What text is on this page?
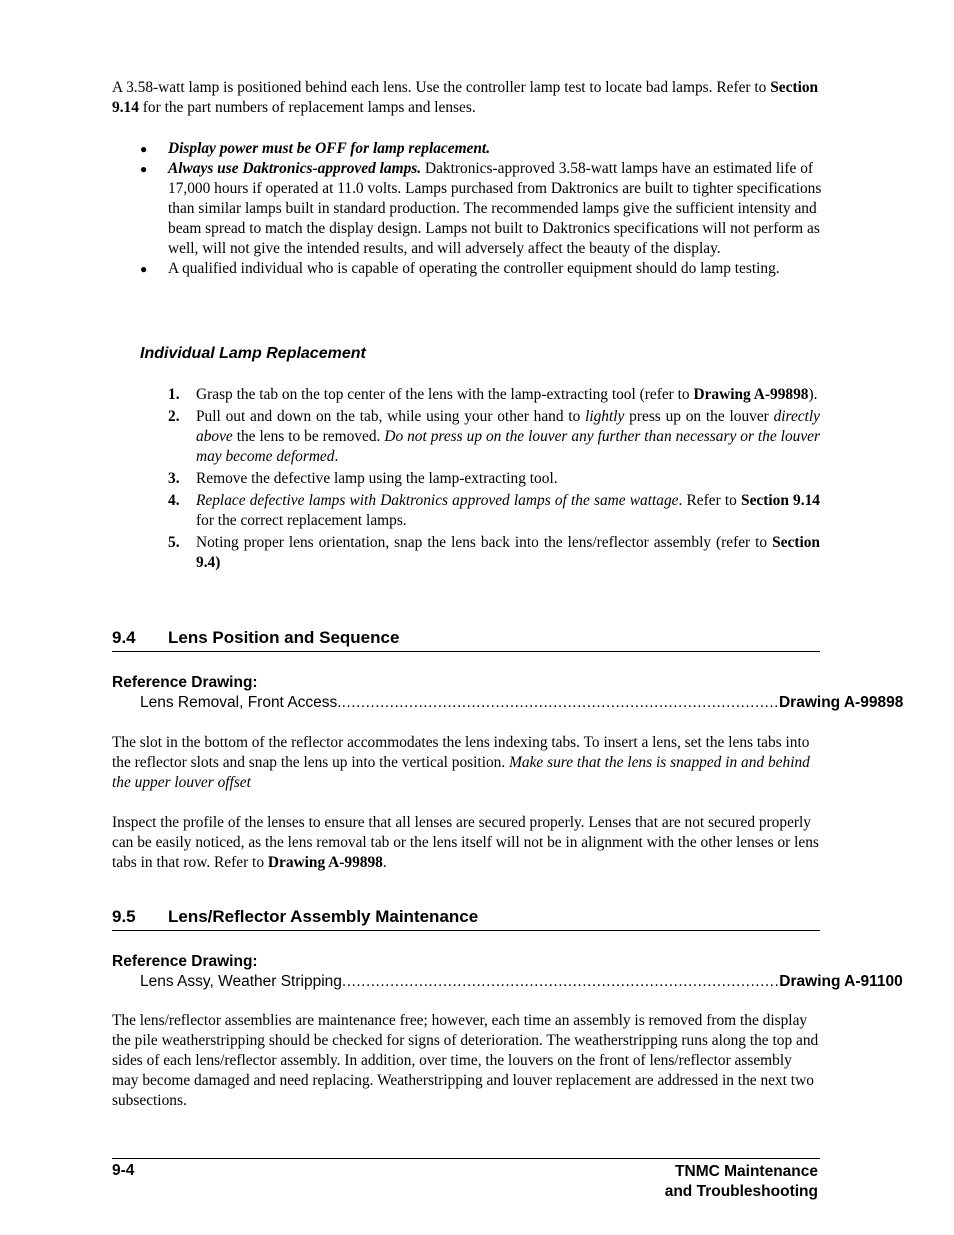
A 3.58-watt lamp is positioned behind each lens. Use the controller lamp test to locate bad lamps. Refer to Section 9.14 for the part numbers of replacement lamps and lenses.

● Display power must be OFF for lamp replacement.
● Always use Daktronics-approved lamps. Daktronics-approved 3.58-watt lamps have an estimated life of 17,000 hours if operated at 11.0 volts. Lamps purchased from Daktronics are built to tighter specifications than similar lamps built in standard production. The recommended lamps give the sufficient intensity and beam spread to match the display design. Lamps not built to Daktronics specifications will not perform as well, will not give the intended results, and will adversely affect the beauty of the display.
● A qualified individual who is capable of operating the controller equipment should do lamp testing.
Individual Lamp Replacement
1. Grasp the tab on the top center of the lens with the lamp-extracting tool (refer to Drawing A-99898).
2. Pull out and down on the tab, while using your other hand to lightly press up on the louver directly above the lens to be removed. Do not press up on the louver any further than necessary or the louver may become deformed.
3. Remove the defective lamp using the lamp-extracting tool.
4. Replace defective lamps with Daktronics approved lamps of the same wattage. Refer to Section 9.14 for the correct replacement lamps.
5. Noting proper lens orientation, snap the lens back into the lens/reflector assembly (refer to Section 9.4)
9.4 Lens Position and Sequence
Reference Drawing:
Lens Removal, Front Access. ........................................................................................... Drawing A-99898

The slot in the bottom of the reflector accommodates the lens indexing tabs. To insert a lens, set the lens tabs into the reflector slots and snap the lens up into the vertical position. Make sure that the lens is snapped in and behind the upper louver offset

Inspect the profile of the lenses to ensure that all lenses are secured properly. Lenses that are not secured properly can be easily noticed, as the lens removal tab or the lens itself will not be in alignment with the other lenses or lens tabs in that row. Refer to Drawing A-99898.

9.5 Lens/Reflector Assembly Maintenance
Reference Drawing:
Lens Assy, Weather Stripping ........................................................................................... Drawing A-91100

The lens/reflector assemblies are maintenance free; however, each time an assembly is removed from the display the pile weatherstripping should be checked for signs of deterioration. The weatherstripping runs along the top and sides of each lens/reflector assembly. In addition, over time, the louvers on the front of lens/reflector assembly may become damaged and need replacing. Weatherstripping and louver replacement are addressed in the next two subsections.

9-4	TNMC Maintenance
and Troubleshooting
